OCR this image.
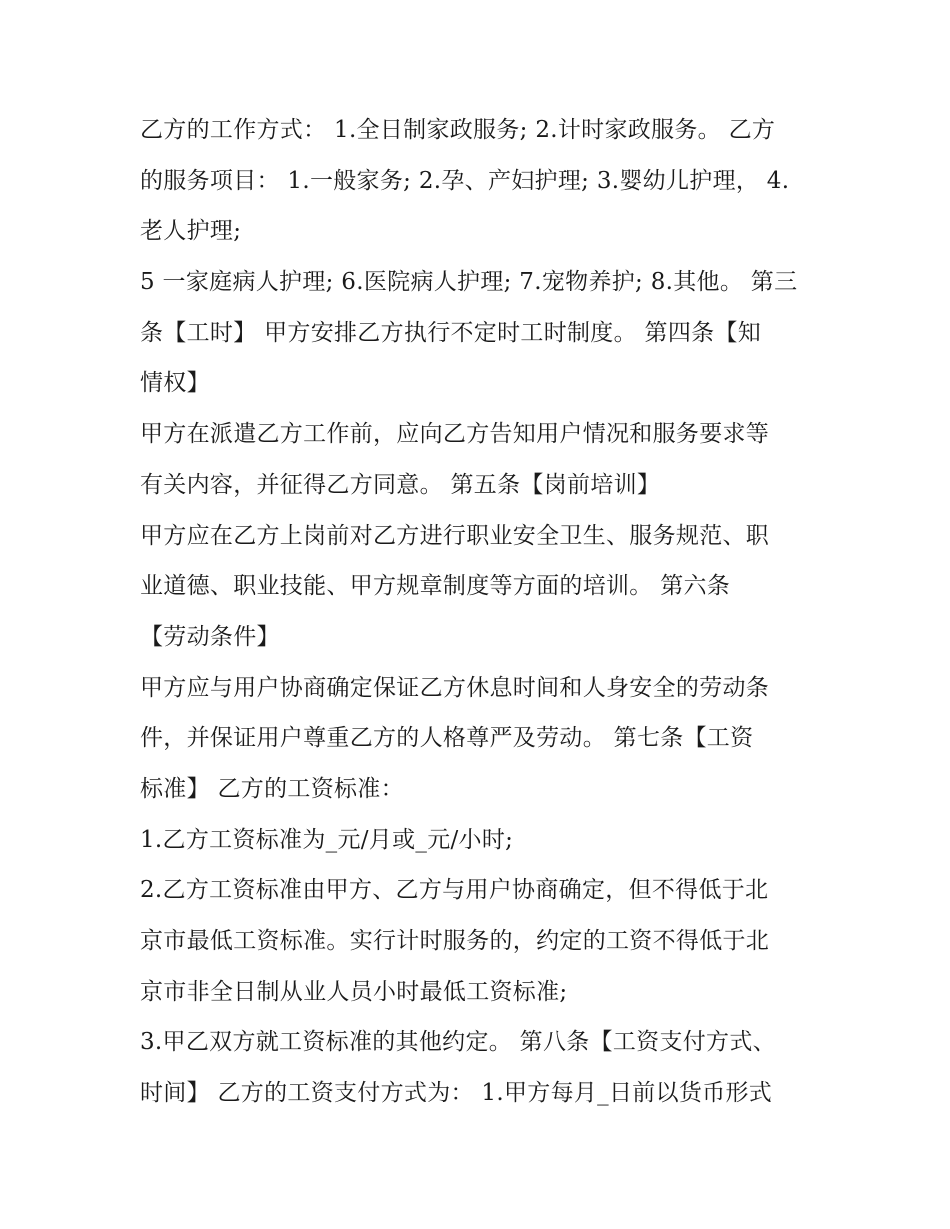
乙方的工作方式： 1.全日制家政服务; 2.计时家政服务。 乙方
的服务项目： 1.一般家务; 2.孕、产妇护理; 3.婴幼儿护理， 4.
老人护理;
5 一家庭病人护理; 6.医院病人护理; 7.宠物养护; 8.其他。 第三
条【工时】 甲方安排乙方执行不定时工时制度。 第四条【知
情权】
甲方在派遣乙方工作前，应向乙方告知用户情况和服务要求等
有关内容，并征得乙方同意。 第五条【岗前培训】
甲方应在乙方上岗前对乙方进行职业安全卫生、服务规范、职
业道德、职业技能、甲方规章制度等方面的培训。 第六条
【劳动条件】
甲方应与用户协商确定保证乙方休息时间和人身安全的劳动条
件，并保证用户尊重乙方的人格尊严及劳动。 第七条【工资
标准】 乙方的工资标准：
1.乙方工资标准为_元/月或_元/小时;
2.乙方工资标准由甲方、乙方与用户协商确定，但不得低于北
京市最低工资标准。实行计时服务的，约定的工资不得低于北
京市非全日制从业人员小时最低工资标准;
3.甲乙双方就工资标准的其他约定。 第八条【工资支付方式、
时间】 乙方的工资支付方式为： 1.甲方每月_日前以货币形式
